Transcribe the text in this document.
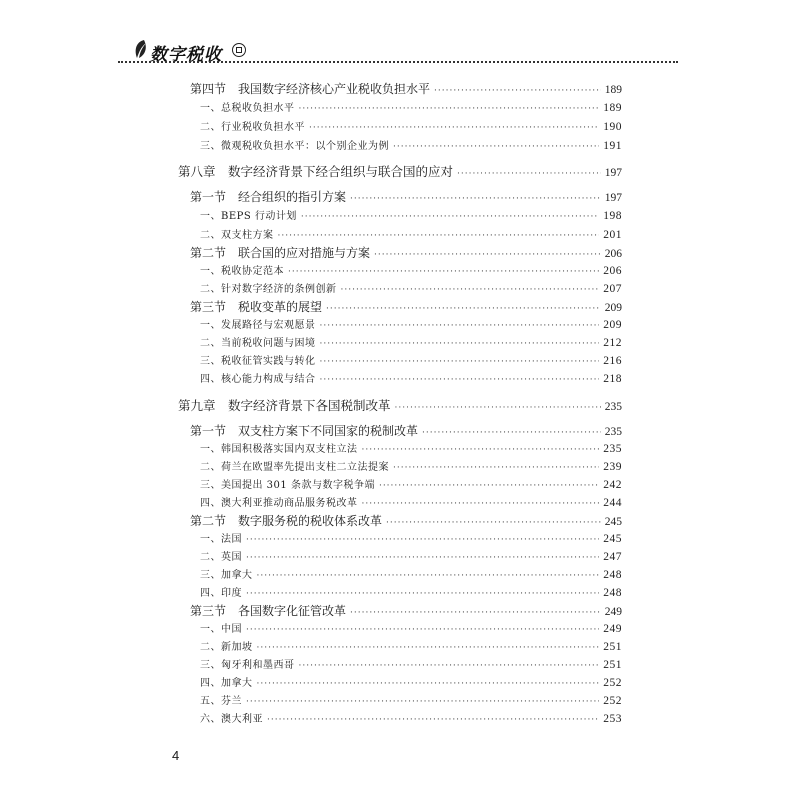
数字税收
第四节　我国数字经济核心产业税收负担水平 ·····	189
一、总税收负担水平 ·····	189
二、行业税收负担水平 ·····	190
三、微观税收负担水平：以个别企业为例 ·····	191
第八章　数字经济背景下经合组织与联合国的应对 ·····	197
第一节　经合组织的指引方案 ·····	197
一、BEPS 行动计划 ·····	198
二、双支柱方案 ·····	201
第二节　联合国的应对措施与方案 ·····	206
一、税收协定范本 ·····	206
二、针对数字经济的条例创新 ·····	207
第三节　税收变革的展望 ·····	209
一、发展路径与宏观愿景 ·····	209
二、当前税收问题与困境 ·····	212
三、税收征管实践与转化 ·····	216
四、核心能力构成与结合 ·····	218
第九章　数字经济背景下各国税制改革 ·····	235
第一节　双支柱方案下不同国家的税制改革 ·····	235
一、韩国积极落实国内双支柱立法 ·····	235
二、荷兰在欧盟率先提出支柱二立法提案 ·····	239
三、美国提出 301 条款与数字税争端 ·····	242
四、澳大利亚推动商品服务税改革 ·····	244
第二节　数字服务税的税收体系改革 ·····	245
一、法国 ·····	245
二、英国 ·····	247
三、加拿大 ·····	248
四、印度 ·····	248
第三节　各国数字化征管改革 ·····	249
一、中国 ·····	249
二、新加坡 ·····	251
三、匈牙利和墨西哥 ·····	251
四、加拿大 ·····	252
五、芬兰 ·····	252
六、澳大利亚 ·····	253
4
